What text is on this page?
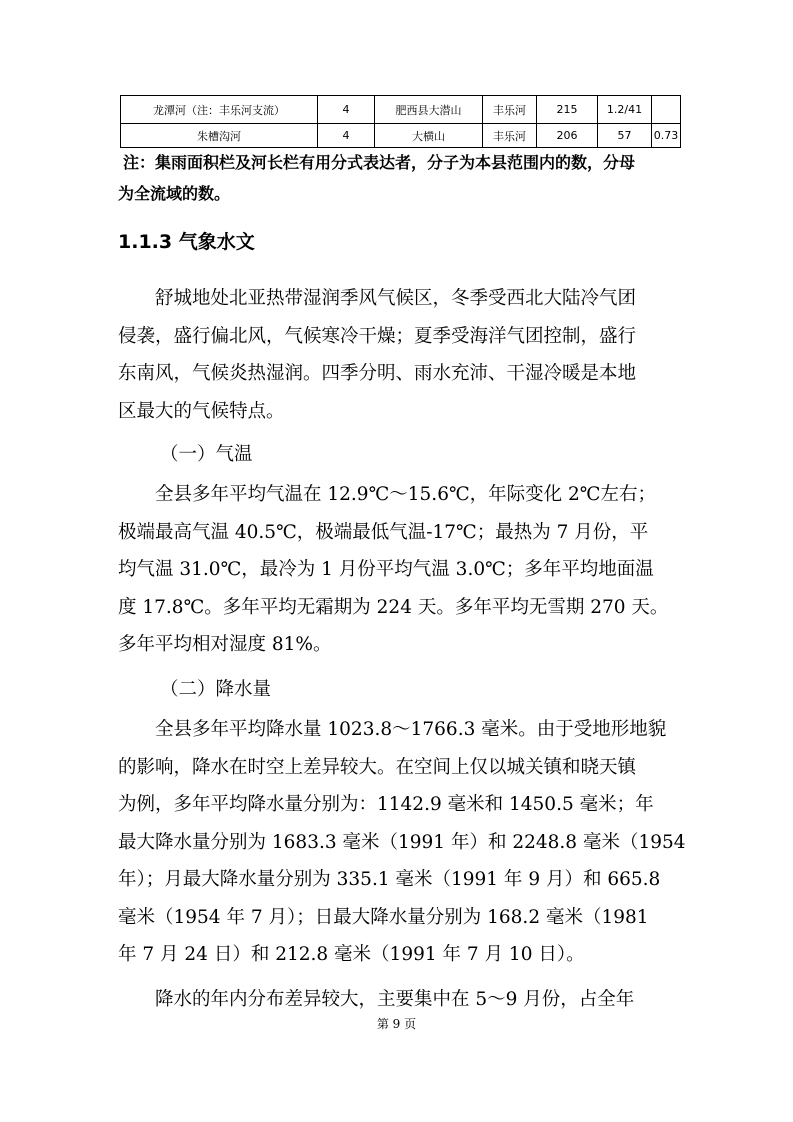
龙潭河（注：丰乐河支流）	4	肥西县大潜山	丰乐河	215	1.2/41	
朱槽沟河	4	大横山	丰乐河	206	57	0.73
注：集雨面积栏及河长栏有用分式表达者，分子为本县范围内的数，分母
为全流域的数。
1.1.3 气象水文

舒城地处北亚热带湿润季风气候区，冬季受西北大陆冷气团
侵袭，盛行偏北风，气候寒冷干燥；夏季受海洋气团控制，盛行
东南风，气候炎热湿润。四季分明、雨水充沛、干湿冷暖是本地
区最大的气候特点。

（一）气温

全县多年平均气温在 12.9℃～15.6℃，年际变化 2℃左右；
极端最高气温 40.5℃，极端最低气温-17℃；最热为 7 月份，平
均气温 31.0℃，最冷为 1 月份平均气温 3.0℃；多年平均地面温
度 17.8℃。多年平均无霜期为 224 天。多年平均无雪期 270 天。
多年平均相对湿度 81%。

（二）降水量

全县多年平均降水量 1023.8～1766.3 毫米。由于受地形地貌
的影响，降水在时空上差异较大。在空间上仅以城关镇和晓天镇
为例，多年平均降水量分别为：1142.9 毫米和 1450.5 毫米；年
最大降水量分别为 1683.3 毫米（1991 年）和 2248.8 毫米（1954
年）；月最大降水量分别为 335.1 毫米（1991 年 9 月）和 665.8
毫米（1954 年 7 月）；日最大降水量分别为 168.2 毫米（1981
年 7 月 24 日）和 212.8 毫米（1991 年 7 月 10 日）。

降水的年内分布差异较大，主要集中在 5～9 月份，占全年

第 9 页
